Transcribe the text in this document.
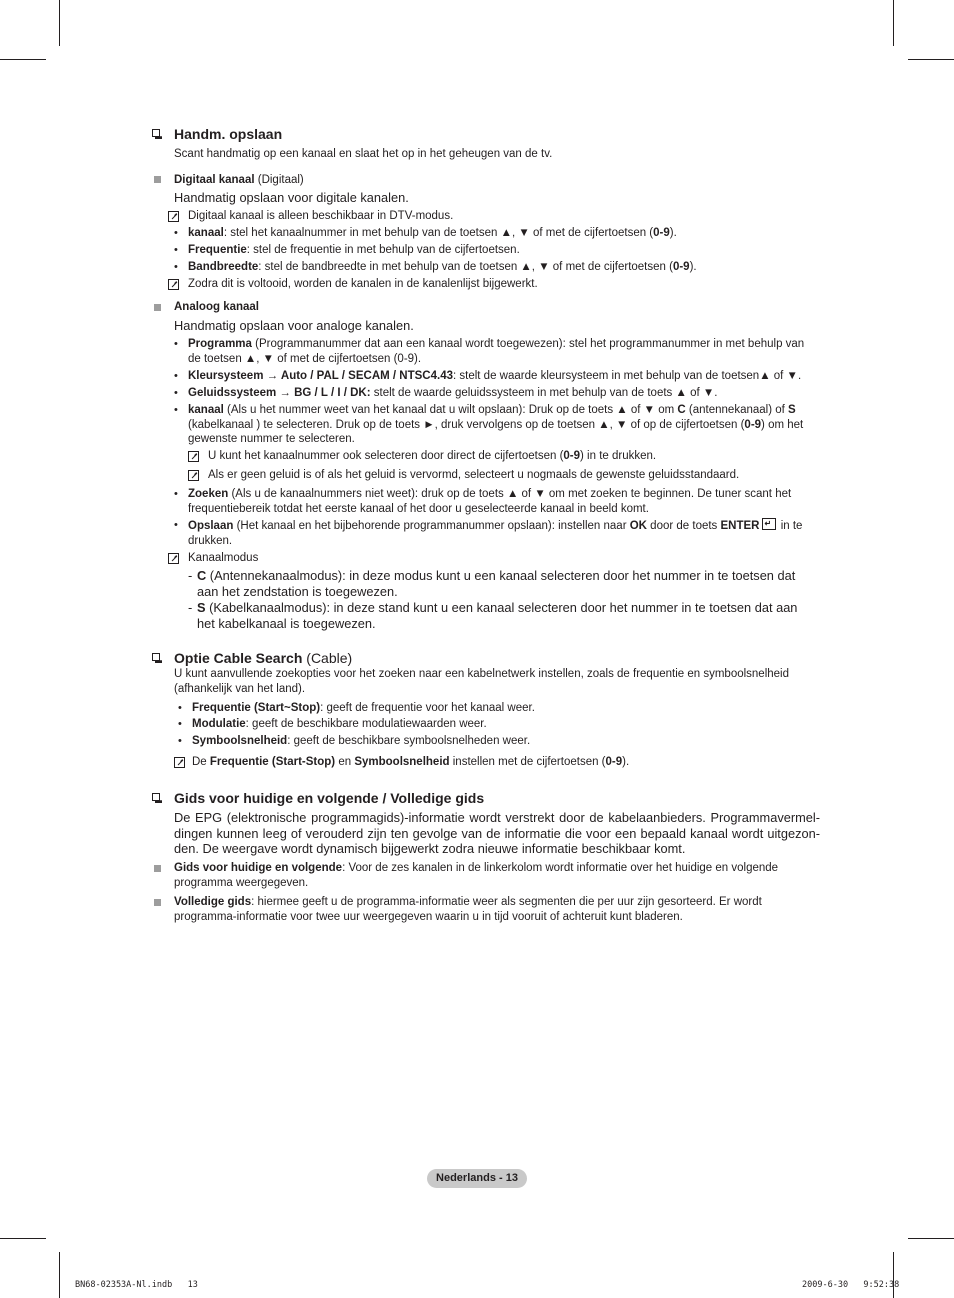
Handm. opslaan
Scant handmatig op een kanaal en slaat het op in het geheugen van de tv.
Digitaal kanaal (Digitaal)
Handmatig opslaan voor digitale kanalen.
Digitaal kanaal is alleen beschikbaar in DTV-modus.
• kanaal: stel het kanaalnummer in met behulp van de toetsen ▲, ▼ of met de cijfertoetsen (0-9).
• Frequentie: stel de frequentie in met behulp van de cijfertoetsen.
• Bandbreedte: stel de bandbreedte in met behulp van de toetsen ▲, ▼ of met de cijfertoetsen (0-9).
Zodra dit is voltooid, worden de kanalen in de kanalenlijst bijgewerkt.
Analoog kanaal
Handmatig opslaan voor analoge kanalen.
• Programma (Programmanummer dat aan een kanaal wordt toegewezen): stel het programmanummer in met behulp van de toetsen ▲, ▼ of met de cijfertoetsen (0-9).
• Kleursysteem → Auto / PAL / SECAM / NTSC4.43: stelt de waarde kleursysteem in met behulp van de toetsen▲ of ▼.
• Geluidssysteem → BG / L / I / DK: stelt de waarde geluidssysteem in met behulp van de toets ▲ of ▼.
• kanaal (Als u het nummer weet van het kanaal dat u wilt opslaan): Druk op de toets ▲ of ▼ om C (antennekanaal) of S (kabelkanaal ) te selecteren. Druk op de toets ►, druk vervolgens op de toetsen ▲, ▼ of op de cijfertoetsen (0-9) om het gewenste nummer te selecteren.
U kunt het kanaalnummer ook selecteren door direct de cijfertoetsen (0-9) in te drukken.
Als er geen geluid is of als het geluid is vervormd, selecteert u nogmaals de gewenste geluidsstandaard.
• Zoeken (Als u de kanaalnummers niet weet): druk op de toets ▲ of ▼ om met zoeken te beginnen. De tuner scant het frequentiebereik totdat het eerste kanaal of het door u geselecteerde kanaal in beeld komt.
• Opslaan (Het kanaal en het bijbehorende programmanummer opslaan): instellen naar OK door de toets ENTER ↵ in te drukken.
Kanaalmodus
- C (Antennekanaalmodus): in deze modus kunt u een kanaal selecteren door het nummer in te toetsen dat aan het zendstation is toegewezen.
- S (Kabelkanaalmodus): in deze stand kunt u een kanaal selecteren door het nummer in te toetsen dat aan het kabelkanaal is toegewezen.
Optie Cable Search (Cable)
U kunt aanvullende zoekopties voor het zoeken naar een kabelnetwerk instellen, zoals de frequentie en symboolsnelheid (afhankelijk van het land).
• Frequentie (Start~Stop): geeft de frequentie voor het kanaal weer.
• Modulatie: geeft de beschikbare modulatiewaarden weer.
• Symboolsnelheid: geeft de beschikbare symboolsnelheden weer.
De Frequentie (Start-Stop) en Symboolsnelheid instellen met de cijfertoetsen (0-9).
Gids voor huidige en volgende / Volledige gids
De EPG (elektronische programmagids)-informatie wordt verstrekt door de kabelaanbieders. Programmavermel-dingen kunnen leeg of verouderd zijn ten gevolge van de informatie die voor een bepaald kanaal wordt uitgezon-den. De weergave wordt dynamisch bijgewerkt zodra nieuwe informatie beschikbaar komt.
Gids voor huidige en volgende: Voor de zes kanalen in de linkerkolom wordt informatie over het huidige en volgende programma weergegeven.
Volledige gids: hiermee geeft u de programma-informatie weer als segmenten die per uur zijn gesorteerd. Er wordt programma-informatie voor twee uur weergegeven waarin u in tijd vooruit of achteruit kunt bladeren.
Nederlands - 13
BN68-02353A-Nl.indb   13	2009-6-30   9:52:38
